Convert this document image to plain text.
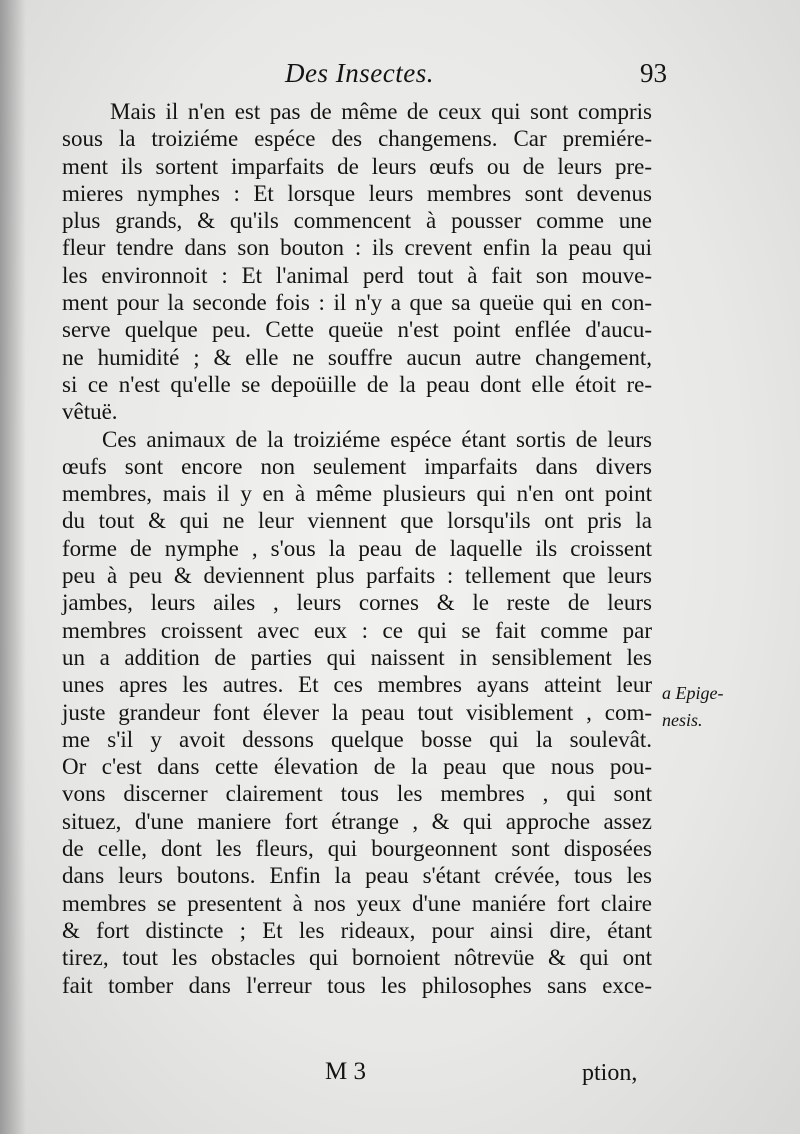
Des Insectes.	93
Mais il n'en est pas de même de ceux qui sont compris
sous la troiziéme espéce des changemens. Car premiére-
ment ils sortent imparfaits de leurs œufs ou de leurs pre-
mieres nymphes : Et lorsque leurs membres sont devenus
plus grands, & qu'ils commencent à pousser comme une
fleur tendre dans son bouton : ils crevent enfin la peau qui
les environnoit : Et l'animal perd tout à fait son mouve-
ment pour la seconde fois : il n'y a que sa queüe qui en con-
serve quelque peu. Cette queüe n'est point enflée d'aucu-
ne humidité ; & elle ne souffre aucun autre changement,
si ce n'est qu'elle se depoüille de la peau dont elle étoit re-
vêtuë.
Ces animaux de la troiziéme espéce étant sortis de leurs
œufs sont encore non seulement imparfaits dans divers
membres, mais il y en à même plusieurs qui n'en ont point
du tout & qui ne leur viennent que lorsqu'ils ont pris la
forme de nymphe , s'ous la peau de laquelle ils croissent
peu à peu & deviennent plus parfaits : tellement que leurs
jambes, leurs ailes , leurs cornes & le reste de leurs
membres croissent avec eux : ce qui se fait comme par
un a addition de parties qui naissent in sensiblement les
unes apres les autres. Et ces membres ayans atteint leur
juste grandeur font élever la peau tout visiblement , com-
me s'il y avoit dessons quelque bosse qui la soulevât.
Or c'est dans cette élevation de la peau que nous pou-
vons discerner clairement tous les membres , qui sont
situez, d'une maniere fort étrange , & qui approche assez
de celle, dont les fleurs, qui bourgeonnent sont disposées
dans leurs boutons. Enfin la peau s'étant crévée, tous les
membres se presentent à nos yeux d'une maniére fort claire
& fort distincte ; Et les rideaux, pour ainsi dire, étant
tirez, tout les obstacles qui bornoient nôtrevüe & qui ont
fait tomber dans l'erreur tous les philosophes sans exce-
a Epige-
nesis.
M 3	ption,
